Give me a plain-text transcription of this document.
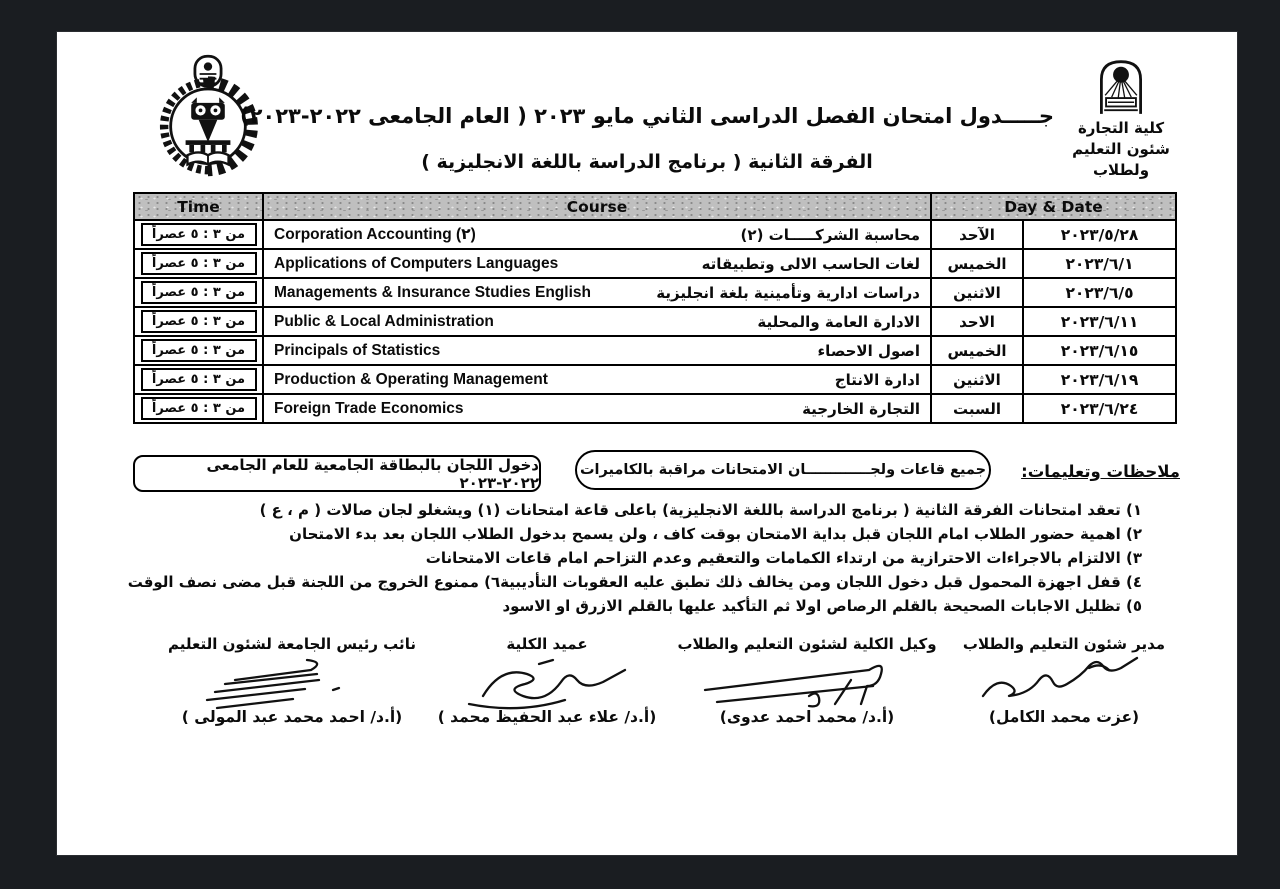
كلية التجارة
شئون التعليم ولطلاب
جـــــدول امتحان الفصل الدراسى الثاني مايو ٢٠٢٣ ( العام الجامعى ٢٠٢٢-٢٠٢٣)
الفرقة الثانية ( برنامج الدراسة باللغة الانجليزية )
Time	Course	Day & Date	
من ٣ : ٥ عصراً	Corporation Accounting (٢) محاسبة الشركـــــات (٢)	الآحد	٢٠٢٣/٥/٢٨
من ٣ : ٥ عصراً	Applications of Computers Languages لغات الحاسب الالى وتطبيقاته	الخميس	٢٠٢٣/٦/١
من ٣ : ٥ عصراً	Managements & Insurance Studies English دراسات ادارية وتأمينية بلغة انجليزية	الاثنين	٢٠٢٣/٦/٥
من ٣ : ٥ عصراً	Public & Local Administration الادارة العامة والمحلية	الاحد	٢٠٢٣/٦/١١
من ٣ : ٥ عصراً	Principals of Statistics اصول الاحصاء	الخميس	٢٠٢٣/٦/١٥
من ٣ : ٥ عصراً	Production & Operating Management ادارة الانتاج	الاثنين	٢٠٢٣/٦/١٩
من ٣ : ٥ عصراً	Foreign Trade Economics التجارة الخارجية	السبت	٢٠٢٣/٦/٢٤
ملاحظات وتعليمات:
جميع قاعات ولجـــــــــــــان الامتحانات مراقبة بالكاميرات
دخول اللجان بالبطاقة الجامعية للعام الجامعى ٢٠٢٢-٢٠٢٣
١) تعقد امتحانات الفرقة الثانية ( برنامج الدراسة باللغة الانجليزية) باعلى قاعة امتحانات (١) ويشغلو لجان صالات ( م ، ع )
٢) اهمية حضور الطلاب امام اللجان قبل بداية الامتحان بوقت كاف ، ولن يسمح بدخول الطلاب اللجان بعد بدء الامتحان
٣) الالتزام بالاجراءات الاحترازية من ارتداء الكمامات والتعقيم وعدم التزاحم امام قاعات الامتحانات
٤) قفل اجهزة المحمول قبل دخول اللجان ومن يخالف ذلك تطبق عليه العقوبات التأديبية
٦) ممنوع الخروج من اللجنة قبل مضى نصف الوقت
٥) تظليل الاجابات الصحيحة بالقلم الرصاص اولا ثم التأكيد عليها بالقلم الازرق او الاسود
مدير شئون التعليم والطلاب
(عزت محمد الكامل)
وكيل الكلية لشئون التعليم والطلاب
(أ.د/ محمد احمد عدوى)
عميد الكلية
(أ.د/ علاء عبد الحفيظ محمد )
نائب رئيس الجامعة لشئون التعليم
(أ.د/ احمد محمد عبد المولى )
